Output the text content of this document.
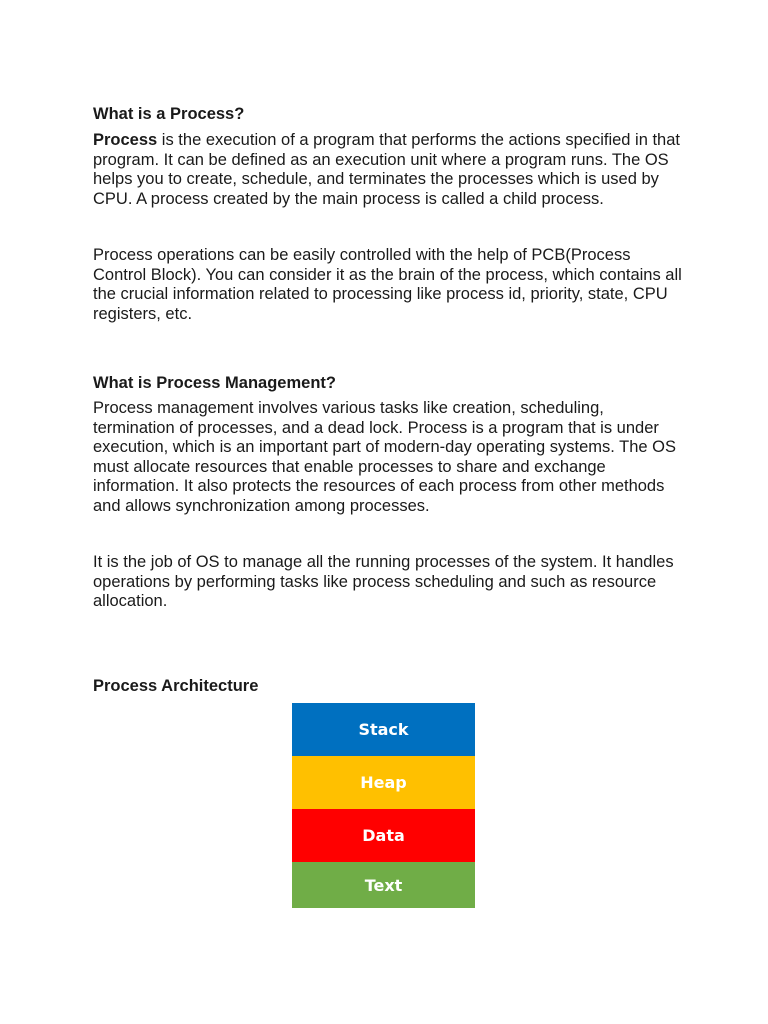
What is a Process?

Process is the execution of a program that performs the actions specified in that program. It can be defined as an execution unit where a program runs. The OS helps you to create, schedule, and terminates the processes which is used by CPU. A process created by the main process is called a child process.

Process operations can be easily controlled with the help of PCB(Process Control Block). You can consider it as the brain of the process, which contains all the crucial information related to processing like process id, priority, state, CPU registers, etc.

What is Process Management?

Process management involves various tasks like creation, scheduling, termination of processes, and a dead lock. Process is a program that is under execution, which is an important part of modern-day operating systems. The OS must allocate resources that enable processes to share and exchange information. It also protects the resources of each process from other methods and allows synchronization among processes.

It is the job of OS to manage all the running processes of the system. It handles operations by performing tasks like process scheduling and such as resource allocation.

Process Architecture
Stack
Heap
Data
Text
